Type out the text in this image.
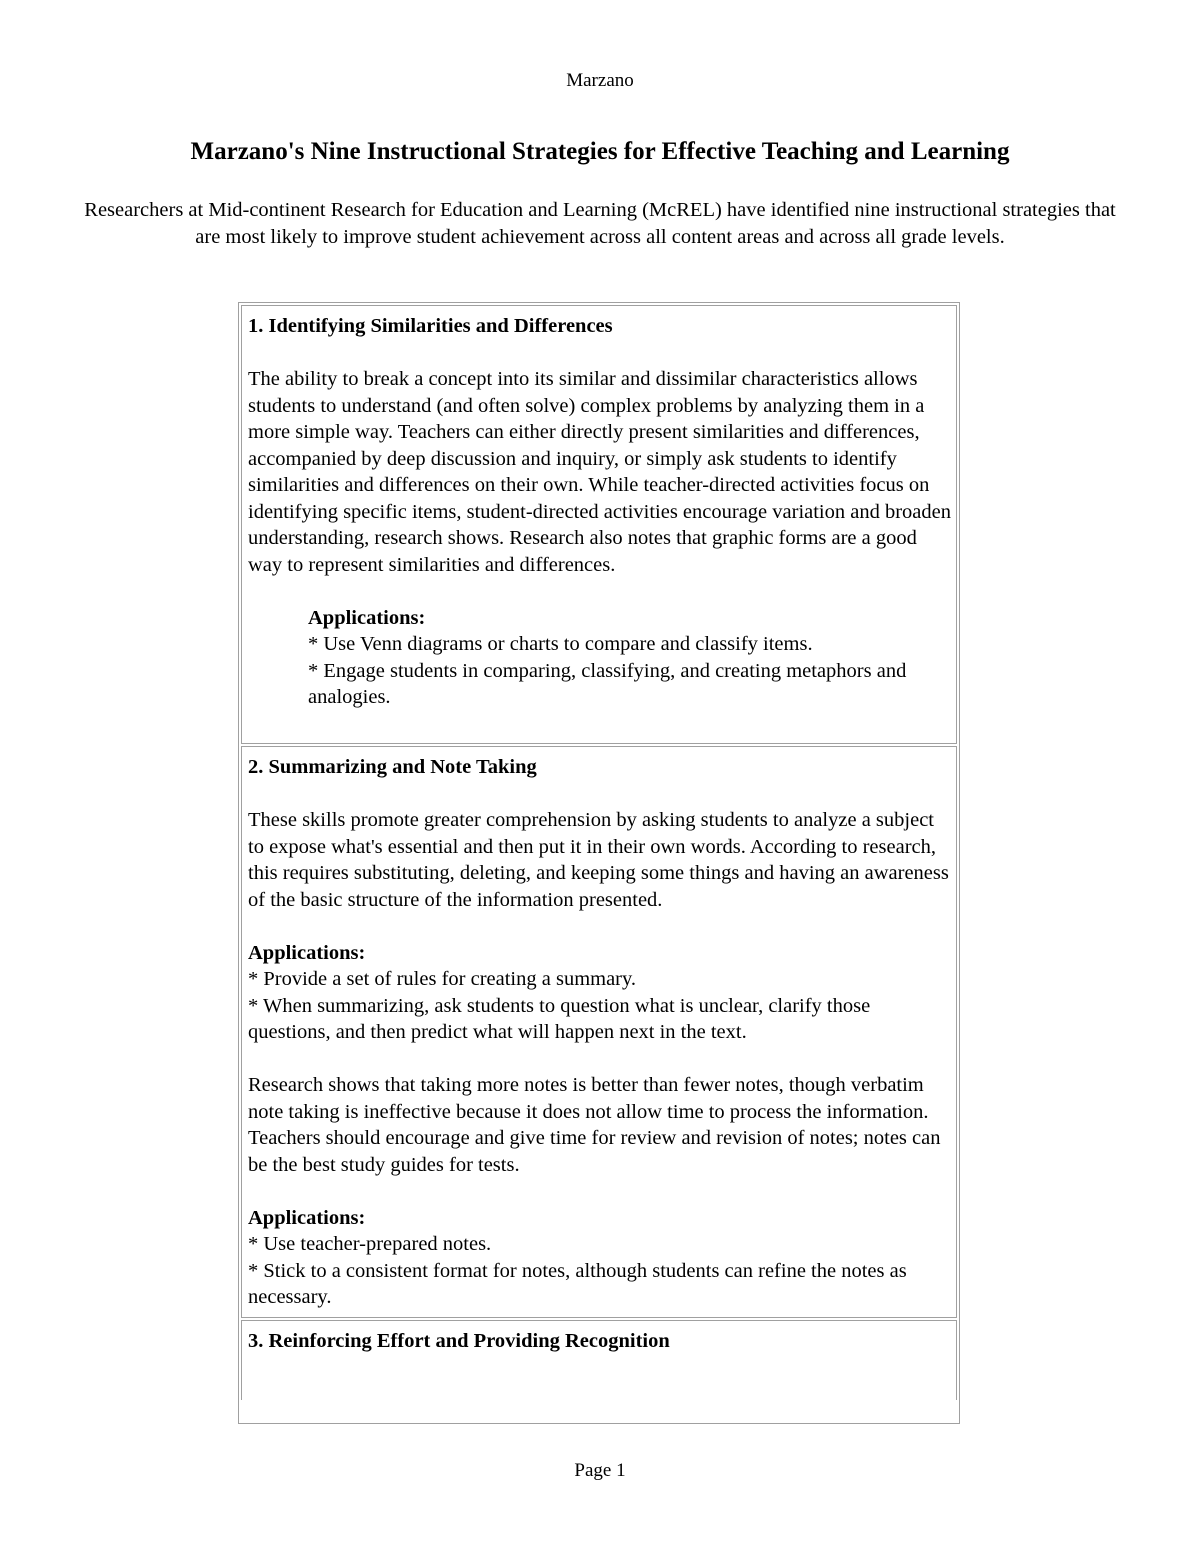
Marzano
Marzano's Nine Instructional Strategies for Effective Teaching and Learning

Researchers at Mid-continent Research for Education and Learning (McREL) have identified nine instructional strategies that are most likely to improve student achievement across all content areas and across all grade levels.

1. Identifying Similarities and Differences

The ability to break a concept into its similar and dissimilar characteristics allows students to understand (and often solve) complex problems by analyzing them in a more simple way. Teachers can either directly present similarities and differences, accompanied by deep discussion and inquiry, or simply ask students to identify similarities and differences on their own. While teacher-directed activities focus on identifying specific items, student-directed activities encourage variation and broaden understanding, research shows. Research also notes that graphic forms are a good way to represent similarities and differences.

Applications:

* Use Venn diagrams or charts to compare and classify items.

* Engage students in comparing, classifying, and creating metaphors and analogies.

2. Summarizing and Note Taking

These skills promote greater comprehension by asking students to analyze a subject to expose what's essential and then put it in their own words. According to research, this requires substituting, deleting, and keeping some things and having an awareness of the basic structure of the information presented.

Applications:

* Provide a set of rules for creating a summary.

* When summarizing, ask students to question what is unclear, clarify those questions, and then predict what will happen next in the text.

Research shows that taking more notes is better than fewer notes, though verbatim note taking is ineffective because it does not allow time to process the information. Teachers should encourage and give time for review and revision of notes; notes can be the best study guides for tests.

Applications:

* Use teacher-prepared notes.

* Stick to a consistent format for notes, although students can refine the notes as necessary.

3. Reinforcing Effort and Providing Recognition

Page 1
